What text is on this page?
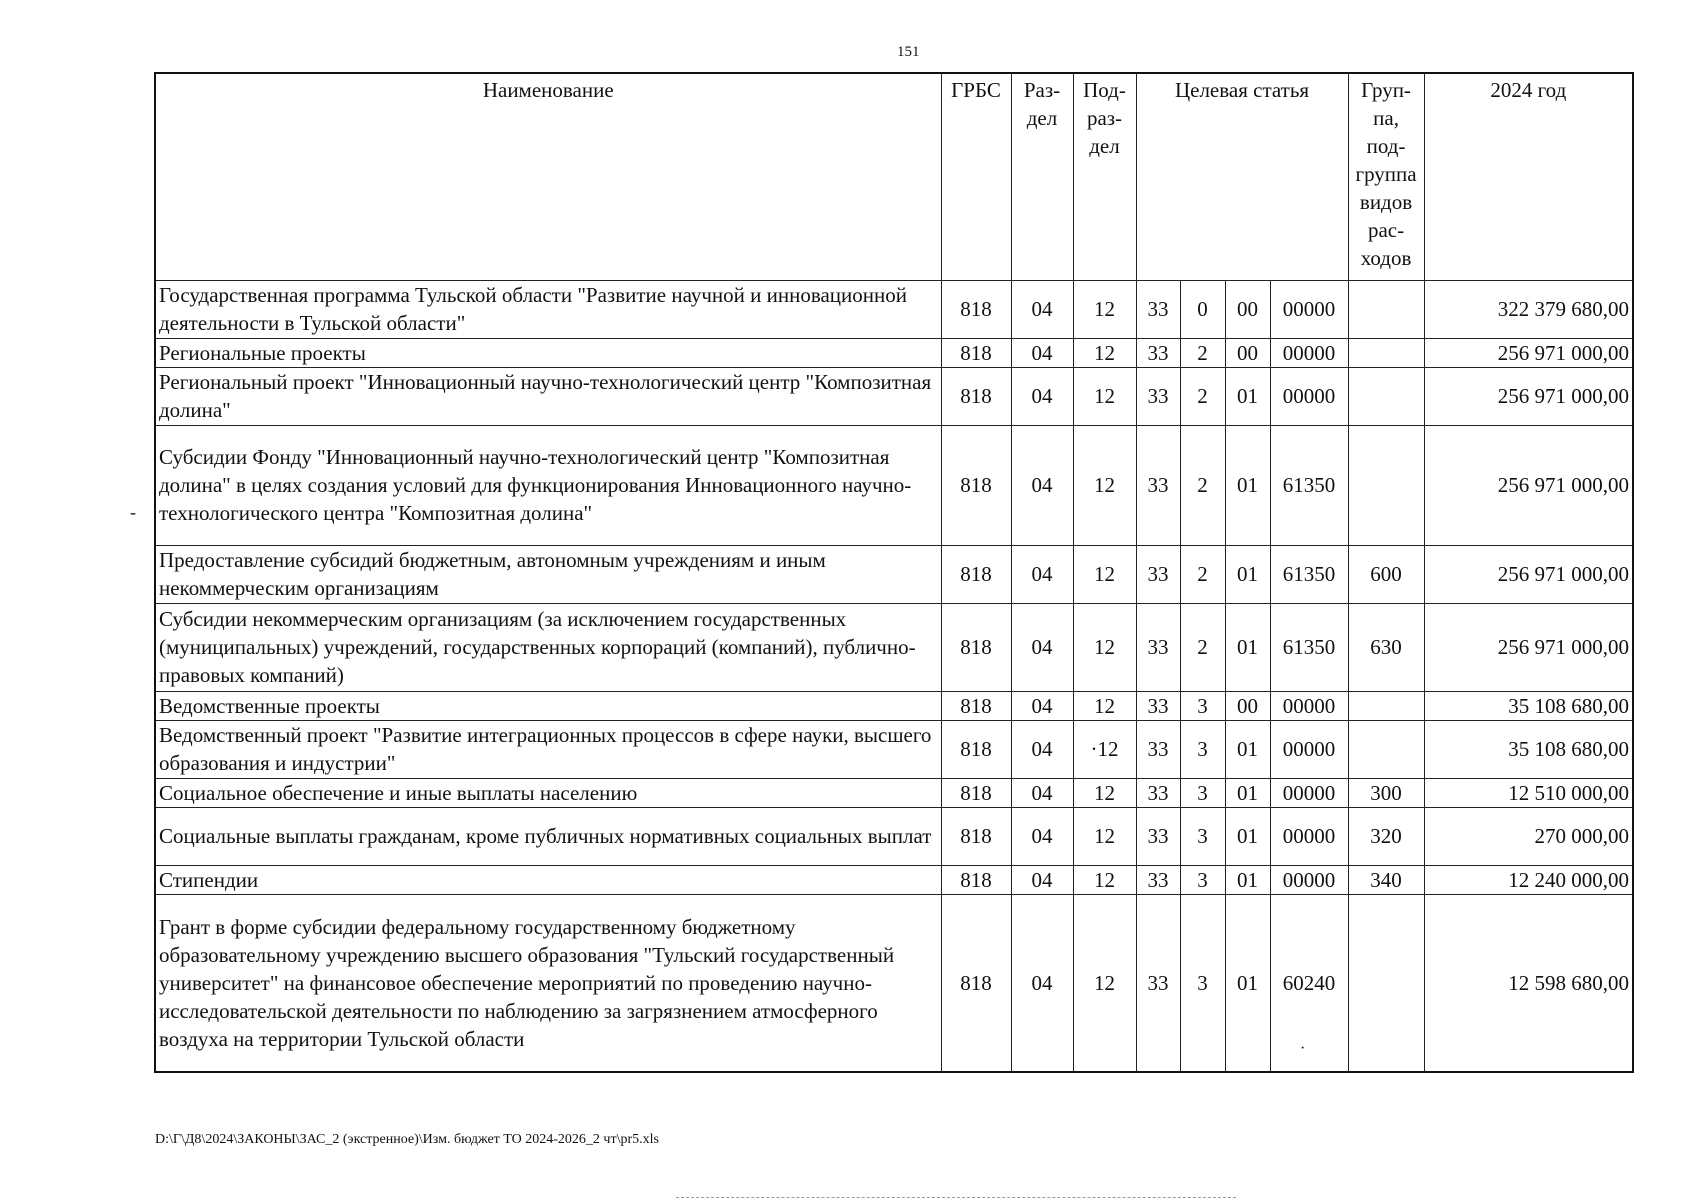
151
-
Наименование	ГРБС	Раз-дел	Под-раз-дел	Целевая статья				Груп-па, под-группа видов рас-ходов	2024 год
Государственная программа Тульской области "Развитие научной и инновационной деятельности в Тульской области"	818	04	12	33	0	00	00000		322 379 680,00
Региональные проекты	818	04	12	33	2	00	00000		256 971 000,00
Региональный проект "Инновационный научно-технологический центр "Композитная долина"	818	04	12	33	2	01	00000		256 971 000,00
Субсидии Фонду "Инновационный научно-технологический центр "Композитная долина" в целях создания условий для функционирования Инновационного научно-технологического центра "Композитная долина"	818	04	12	33	2	01	61350		256 971 000,00
Предоставление субсидий бюджетным, автономным учреждениям и иным некоммерческим организациям	818	04	12	33	2	01	61350	600	256 971 000,00
Субсидии некоммерческим организациям (за исключением государственных (муниципальных) учреждений, государственных корпораций (компаний), публично-правовых компаний)	818	04	12	33	2	01	61350	630	256 971 000,00
Ведомственные проекты	818	04	12	33	3	00	00000		35 108 680,00
Ведомственный проект "Развитие интеграционных процессов в сфере науки, высшего образования и индустрии"	818	04	·12	33	3	01	00000		35 108 680,00
Социальное обеспечение и иные выплаты населению	818	04	12	33	3	01	00000	300	12 510 000,00
Социальные выплаты гражданам, кроме публичных нормативных социальных выплат	818	04	12	33	3	01	00000	320	270 000,00
Стипендии	818	04	12	33	3	01	00000	340	12 240 000,00
Грант в форме субсидии федеральному государственному бюджетному образовательному учреждению высшего образования "Тульский государственный университет" на финансовое обеспечение мероприятий по проведению научно-исследовательской деятельности по наблюдению за загрязнением атмосферного воздуха на территории Тульской области	818	04	12	33	3	01	60240		12 598 680,00
·
D:\Г\Д8\2024\ЗАКОНЫ\ЗАС_2 (экстренное)\Изм. бюджет ТО 2024-2026_2 чт\pr5.xls
